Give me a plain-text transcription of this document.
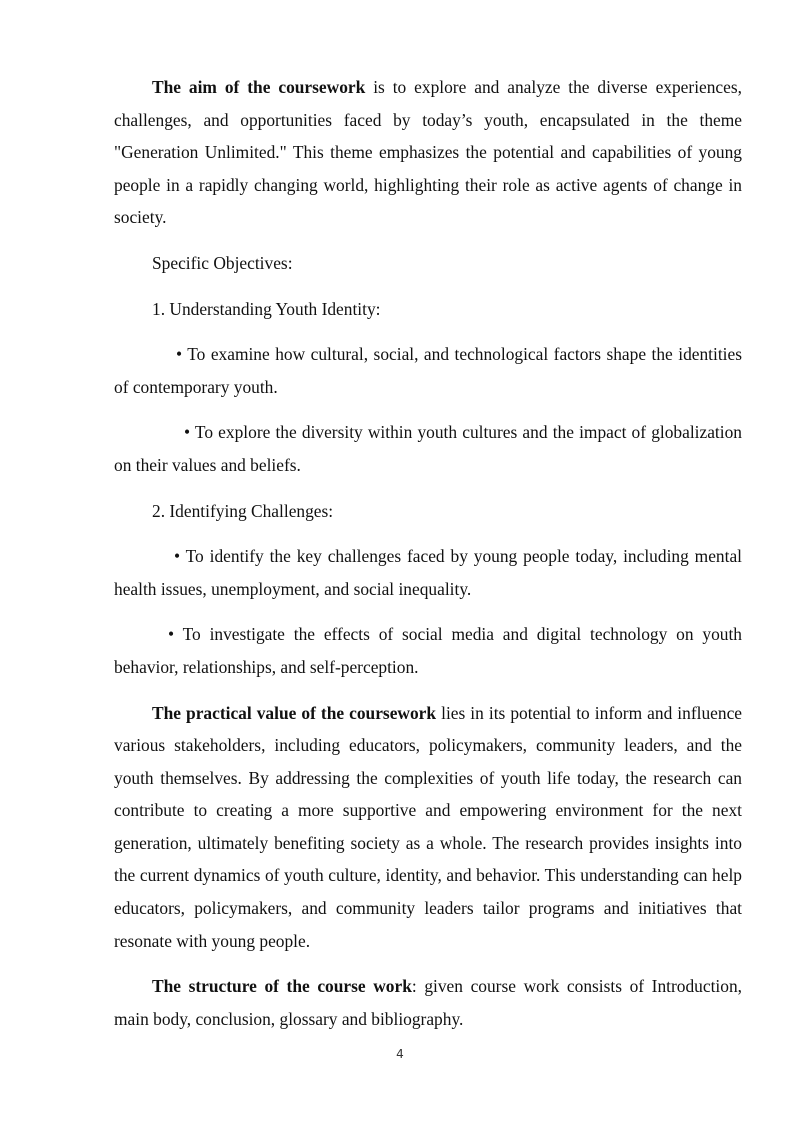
The aim of the coursework is to explore and analyze the diverse experiences, challenges, and opportunities faced by today’s youth, encapsulated in the theme "Generation Unlimited." This theme emphasizes the potential and capabilities of young people in a rapidly changing world, highlighting their role as active agents of change in society.

Specific Objectives:

1. Understanding Youth Identity:

• To examine how cultural, social, and technological factors shape the identities of contemporary youth.

• To explore the diversity within youth cultures and the impact of globalization on their values and beliefs.

2. Identifying Challenges:

• To identify the key challenges faced by young people today, including mental health issues, unemployment, and social inequality.

• To investigate the effects of social media and digital technology on youth behavior, relationships, and self-perception.

The practical value of the coursework lies in its potential to inform and influence various stakeholders, including educators, policymakers, community leaders, and the youth themselves. By addressing the complexities of youth life today, the research can contribute to creating a more supportive and empowering environment for the next generation, ultimately benefiting society as a whole. The research provides insights into the current dynamics of youth culture, identity, and behavior. This understanding can help educators, policymakers, and community leaders tailor programs and initiatives that resonate with young people.

The structure of the course work: given course work consists of Introduction, main body, conclusion, glossary and bibliography.

4
